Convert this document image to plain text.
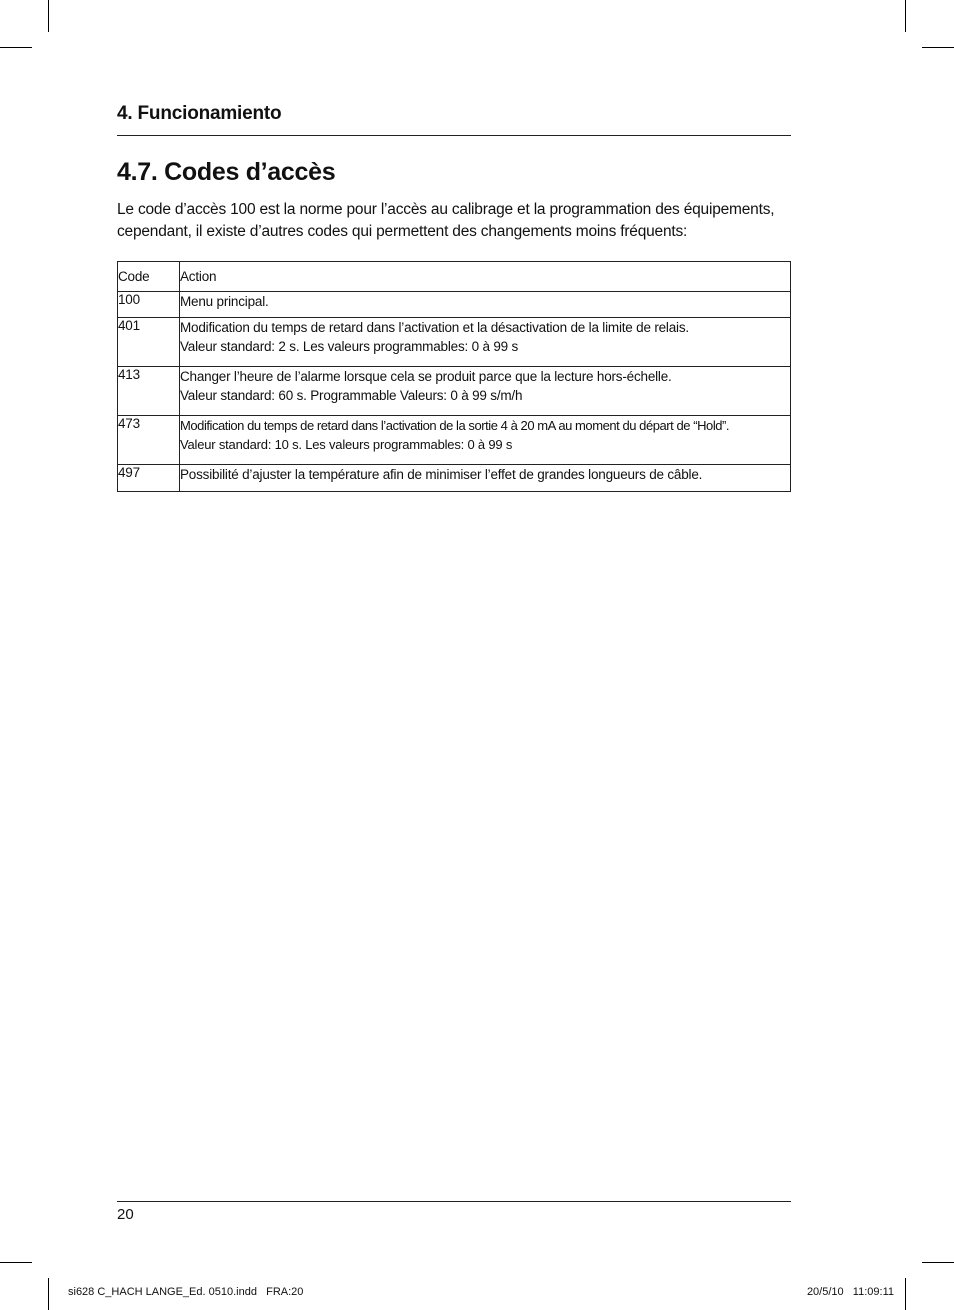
4. Funcionamiento
4.7. Codes d’accès
Le code d’accès 100 est la norme pour l’accès au calibrage et la programmation des équipements, cependant, il existe d’autres codes qui permettent des changements moins fréquents:
Code	Action
100	Menu principal.

401	Modification du temps de retard dans l’activation et la désactivation de la limite de relais.
Valeur standard: 2 s. Les valeurs programmables: 0 à 99 s

413	Changer l’heure de l’alarme lorsque cela se produit parce que la lecture hors-échelle.
Valeur standard: 60 s. Programmable Valeurs: 0 à 99 s/m/h

473	Modification du temps de retard dans l’activation de la sortie 4 à 20 mA au moment du départ de “Hold”.
Valeur standard: 10 s. Les valeurs programmables: 0 à 99 s

497	Possibilité d’ajuster la température afin de minimiser l’effet de grandes longueurs de câble.
20
si628 C_HACH LANGE_Ed. 0510.indd   FRA:20	20/5/10   11:09:11
